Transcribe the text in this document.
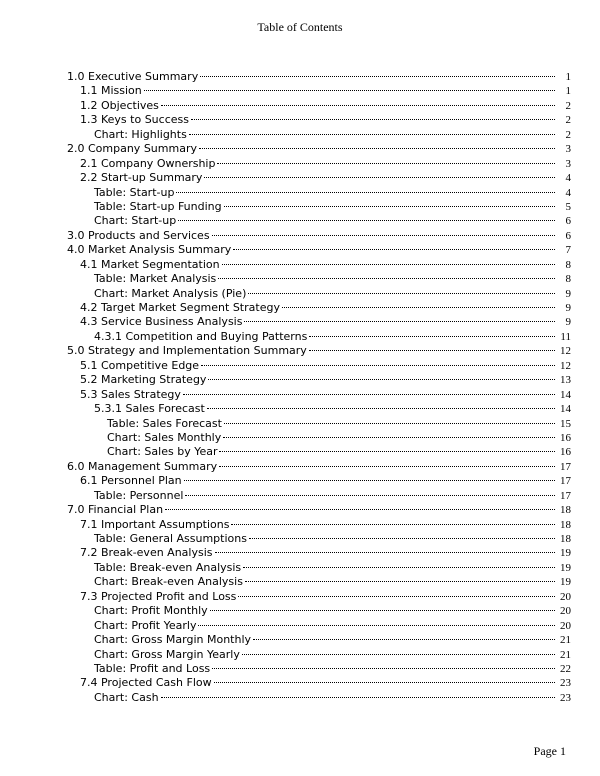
Table of Contents
1.0 Executive Summary	1
1.1 Mission	1
1.2 Objectives	2
1.3 Keys to Success	2
Chart: Highlights	2
2.0 Company Summary	3
2.1 Company Ownership	3
2.2 Start-up Summary	4
Table: Start-up	4
Table: Start-up Funding	5
Chart: Start-up	6
3.0 Products and Services	6
4.0 Market Analysis Summary	7
4.1 Market Segmentation	8
Table: Market Analysis	8
Chart: Market Analysis (Pie)	9
4.2 Target Market Segment Strategy	9
4.3 Service Business Analysis	9
4.3.1 Competition and Buying Patterns	11
5.0 Strategy and Implementation Summary	12
5.1 Competitive Edge	12
5.2 Marketing Strategy	13
5.3 Sales Strategy	14
5.3.1 Sales Forecast	14
Table: Sales Forecast	15
Chart: Sales Monthly	16
Chart: Sales by Year	16
6.0 Management Summary	17
6.1 Personnel Plan	17
Table: Personnel	17
7.0 Financial Plan	18
7.1 Important Assumptions	18
Table: General Assumptions	18
7.2 Break-even Analysis	19
Table: Break-even Analysis	19
Chart: Break-even Analysis	19
7.3 Projected Profit and Loss	20
Chart: Profit Monthly	20
Chart: Profit Yearly	20
Chart: Gross Margin Monthly	21
Chart: Gross Margin Yearly	21
Table: Profit and Loss	22
7.4 Projected Cash Flow	23
Chart: Cash	23
Page 1
